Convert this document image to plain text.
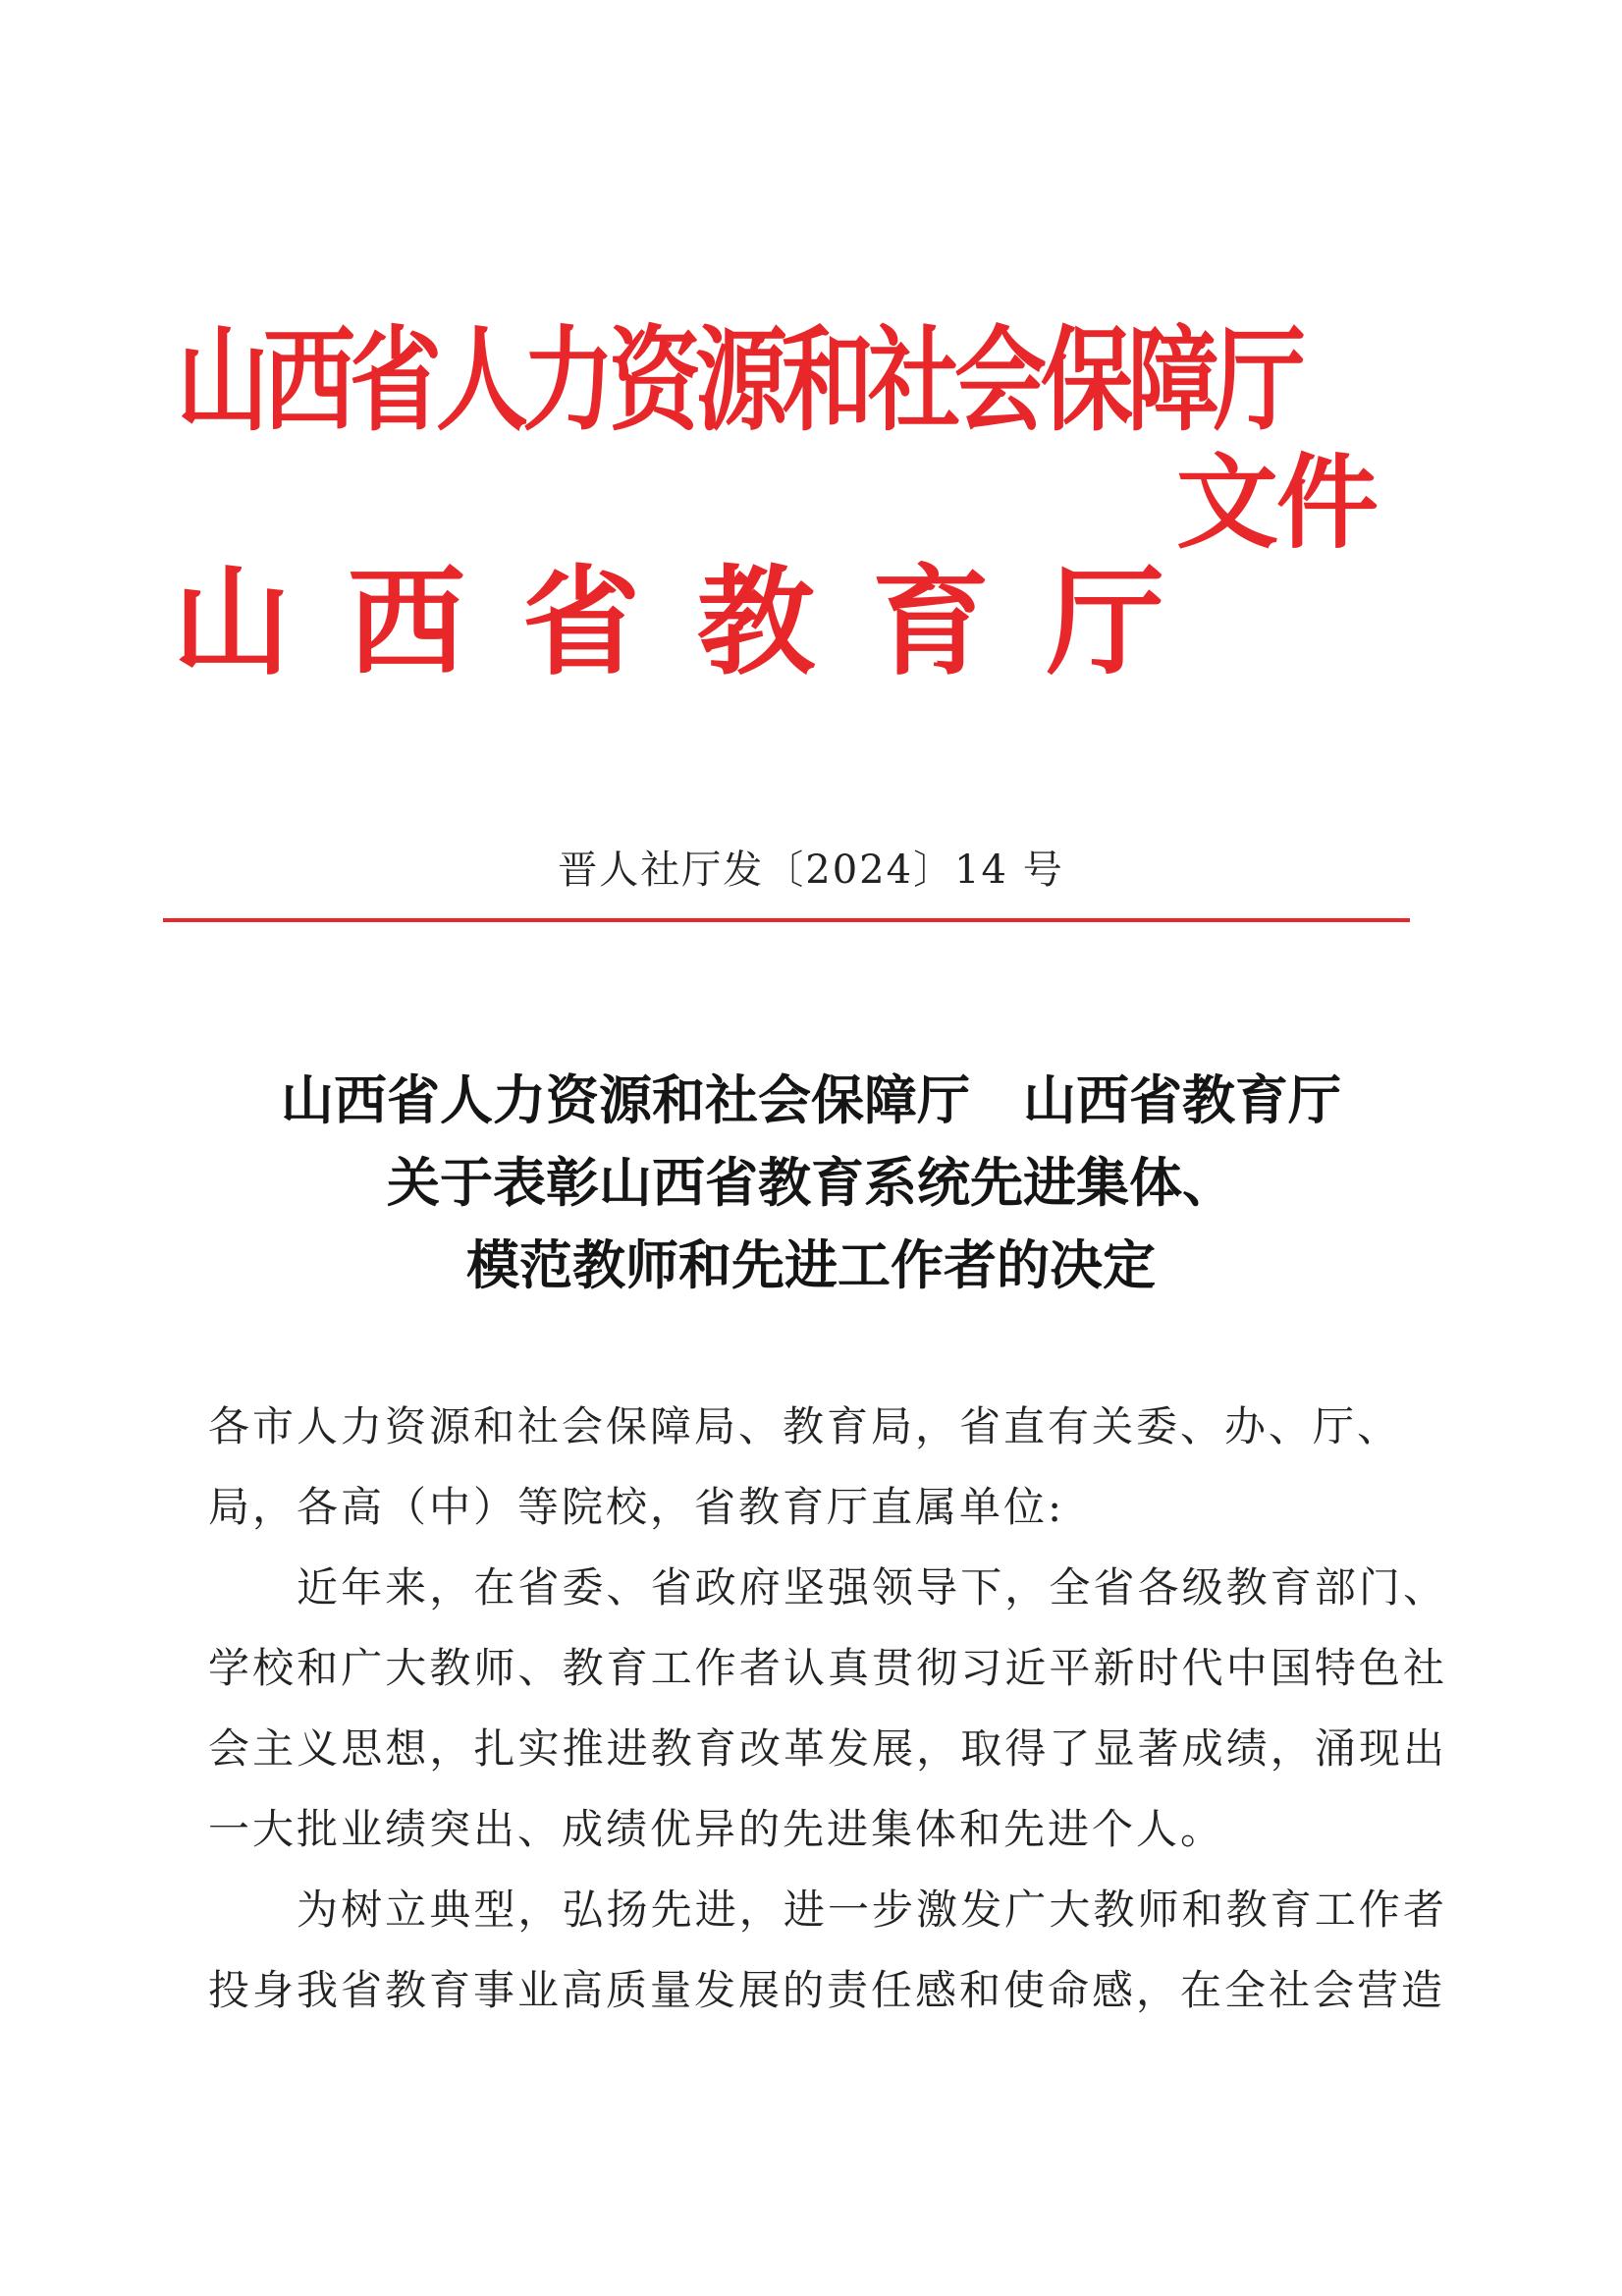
山西省人力资源和社会保障厅
文件
山西省教育厅
晋人社厅发〔2024〕14 号
山西省人力资源和社会保障厅　山西省教育厅
关于表彰山西省教育系统先进集体、
模范教师和先进工作者的决定
各市人力资源和社会保障局、教育局，省直有关委、办、厅、局，各高（中）等院校，省教育厅直属单位:
近年来，在省委、省政府坚强领导下，全省各级教育部门、学校和广大教师、教育工作者认真贯彻习近平新时代中国特色社会主义思想，扎实推进教育改革发展，取得了显著成绩，涌现出一大批业绩突出、成绩优异的先进集体和先进个人。
为树立典型，弘扬先进，进一步激发广大教师和教育工作者投身我省教育事业高质量发展的责任感和使命感，在全社会营造
